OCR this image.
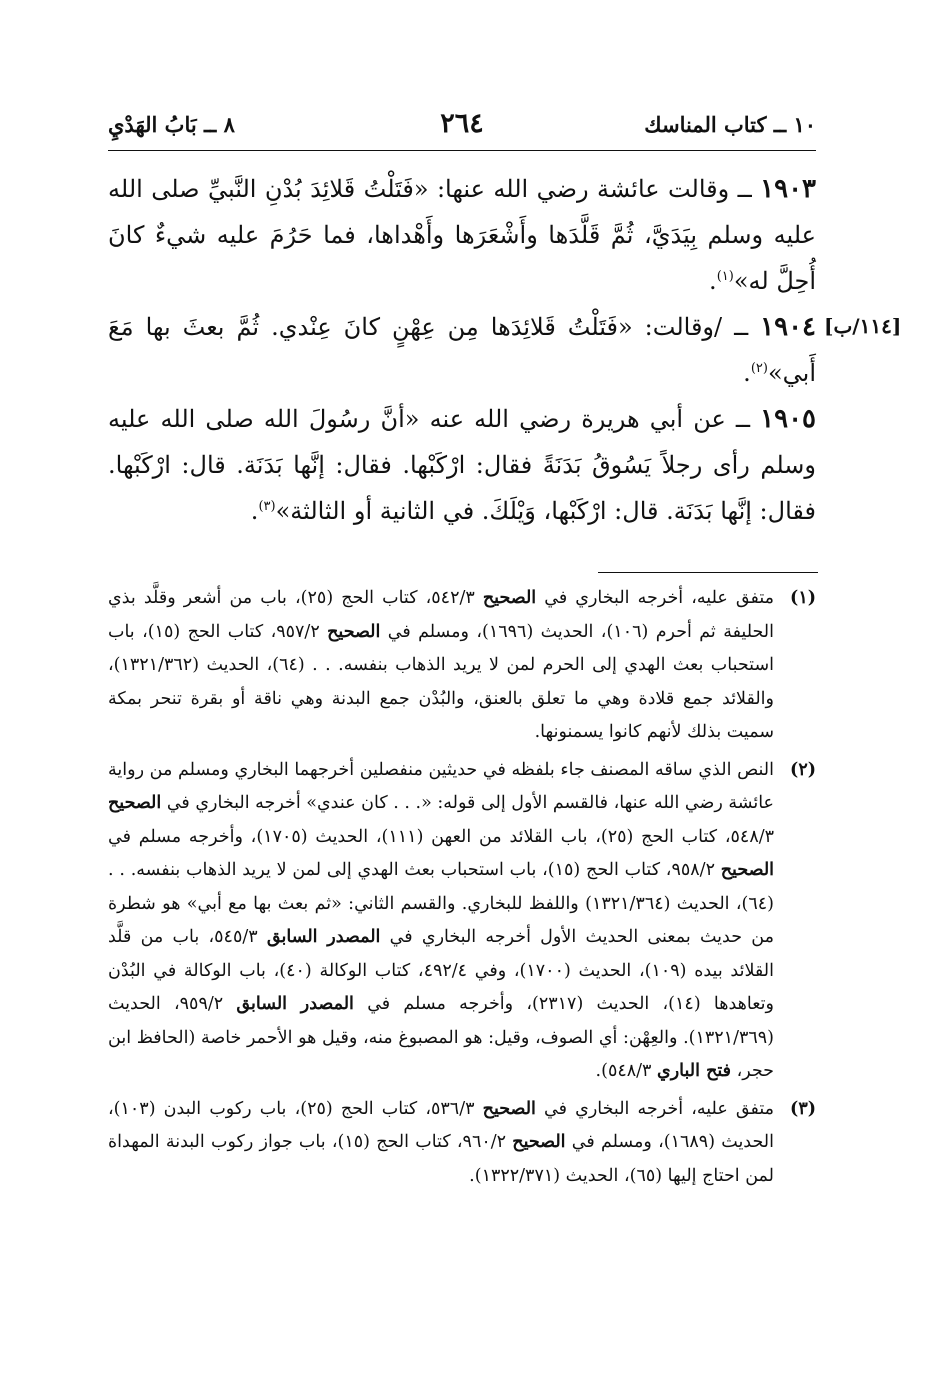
١٠ ــ كتاب المناسك
٢٦٤
٨ ــ بَابُ الهَدْيِ
[١١٤/ب]

١٩٠٣ ــ وقالت عائشة رضي الله عنها: «فَتَلْتُ قَلائِدَ بُدْنِ النَّبيِّ صلى الله عليه وسلم بِيَدَيَّ، ثُمَّ قَلَّدَها وأَشْعَرَها وأَهْداها، فما حَرُمَ عليه شيءٌ كانَ أُحِلَّ له»$^{(١)}$.

١٩٠٤ ــ /وقالت: «فَتَلْتُ قَلائِدَها مِن عِهْنٍ كانَ عِنْدي. ثُمَّ بعثَ بها مَعَ أَبي»$^{(٢)}$.

١٩٠٥ ــ عن أبي هريرة رضي الله عنه «أنَّ رسُولَ الله صلى الله عليه وسلم رأى رجلاً يَسُوقُ بَدَنَةً فقال: ارْكَبْها. فقال: إنَّها بَدَنَة. قال: ارْكَبْها. فقال: إنَّها بَدَنَة. قال: ارْكَبْها، وَيْلَكَ. في الثانية أو الثالثة»$^{(٣)}$.

(١)
متفق عليه، أخرجه البخاري في الصحيح ٥٤٢/٣، كتاب الحج (٢٥)، باب من أشعر وقلَّد بذي الحليفة ثم أحرم (١٠٦)، الحديث (١٦٩٦)، ومسلم في الصحيح ٩٥٧/٢، كتاب الحج (١٥)، باب استحباب بعث الهدي إلى الحرم لمن لا يريد الذهاب بنفسه. . . (٦٤)، الحديث (١٣٢١/٣٦٢)، والقلائد جمع قلادة وهي ما تعلق بالعنق، والبُدْن جمع البدنة وهي ناقة أو بقرة تنحر بمكة سميت بذلك لأنهم كانوا يسمنونها.

(٢)
النص الذي ساقه المصنف جاء بلفظه في حديثين منفصلين أخرجهما البخاري ومسلم من رواية عائشة رضي الله عنها، فالقسم الأول إلى قوله: «. . . كان عندي» أخرجه البخاري في الصحيح ٥٤٨/٣، كتاب الحج (٢٥)، باب القلائد من العهن (١١١)، الحديث (١٧٠٥)، وأخرجه مسلم في الصحيح ٩٥٨/٢، كتاب الحج (١٥)، باب استحباب بعث الهدي إلى لمن لا يريد الذهاب بنفسه. . . (٦٤)، الحديث (١٣٢١/٣٦٤) واللفظ للبخاري. والقسم الثاني: «ثم بعث بها مع أبي» هو شطرة من حديث بمعنى الحديث الأول أخرجه البخاري في المصدر السابق ٥٤٥/٣، باب من قلَّد القلائد بيده (١٠٩)، الحديث (١٧٠٠)، وفي ٤٩٢/٤، كتاب الوكالة (٤٠)، باب الوكالة في البُدْن وتعاهدها (١٤)، الحديث (٢٣١٧)، وأخرجه مسلم في المصدر السابق ٩٥٩/٢، الحديث (١٣٢١/٣٦٩). والعِهْن: أي الصوف، وقيل: هو المصبوغ منه، وقيل هو الأحمر خاصة (الحافظ ابن حجر، فتح الباري ٥٤٨/٣).

(٣)
متفق عليه، أخرجه البخاري في الصحيح ٥٣٦/٣، كتاب الحج (٢٥)، باب ركوب البدن (١٠٣)، الحديث (١٦٨٩)، ومسلم في الصحيح ٩٦٠/٢، كتاب الحج (١٥)، باب جواز ركوب البدنة المهداة لمن احتاج إليها (٦٥)، الحديث (١٣٢٢/٣٧١).
